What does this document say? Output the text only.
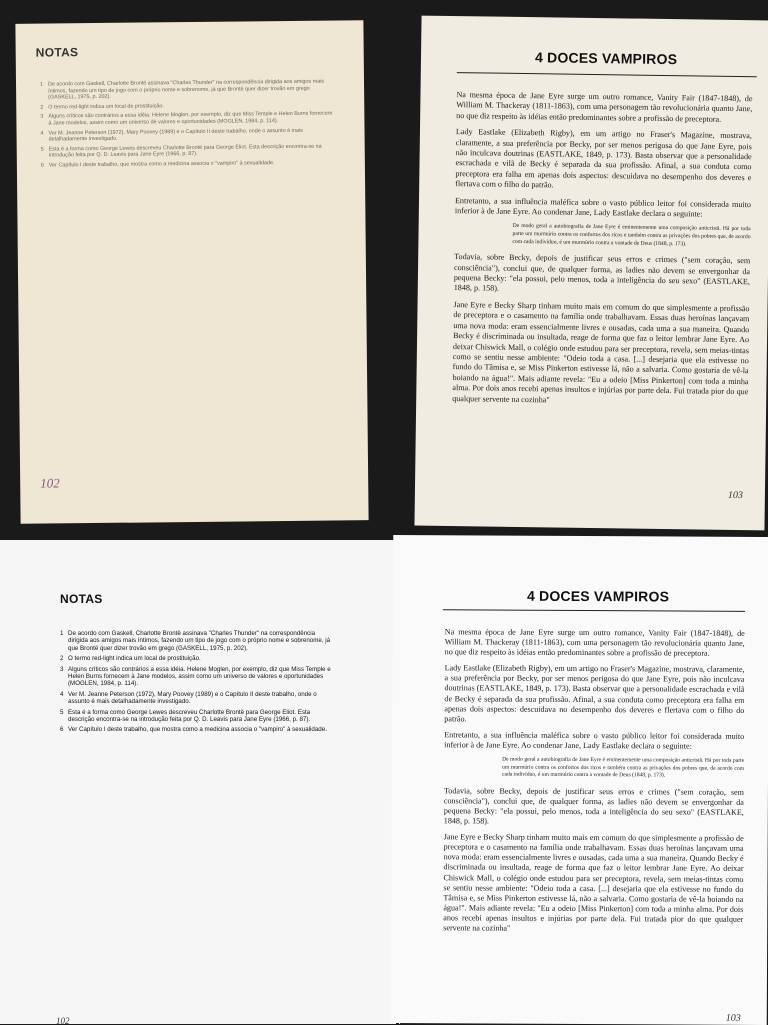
NOTAS
1 De acordo com Gaskell, Charlotte Brontë assinava "Charles Thunder" na correspondência dirigida aos amigos mais íntimos, fazendo um tipo de jogo com o próprio nome e sobrenome, já que Brontë quer dizer trovão em grego (GASKELL, 1975, p. 202).
2 O termo red-light indica um local de prostituição.
3 Alguns críticos são contrários a essa idéia. Helene Moglen, por exemplo, diz que Miss Temple e Helen Burns fornecem à Jane modelos, assim como um universo de valores e oportunidades (MOGLEN, 1984, p. 114).
4 Ver M. Jeanne Peterson (1972), Mary Poovey (1989) e o Capítulo II deste trabalho, onde o assunto é mais detalhadamente investigado.
5 Esta é a forma como George Lewes descreveu Charlotte Brontë para George Eliot. Esta descrição encontra-se na introdução feita por Q. D. Leavis para Jane Eyre (1966, p. 87).
6 Ver Capítulo I deste trabalho, que mostra como a medicina associa o "vampiro" à sexualidade.
102
4 DOCES VAMPIROS

Na mesma época de Jane Eyre surge um outro romance, Vanity Fair (1847-1848), de William M. Thackeray (1811-1863), com uma personagem tão revolucionária quanto Jane, no que diz respeito às idéias então predominantes sobre a profissão de preceptora.

Lady Eastlake (Elizabeth Rigby), em um artigo no Fraser's Magazine, mostrava, claramente, a sua preferência por Becky, por ser menos perigosa do que Jane Eyre, pois não inculcava doutrinas (EASTLAKE, 1849, p. 173). Basta observar que a personalidade escrachada e vilã de Becky é separada da sua profissão. Afinal, a sua conduta como preceptora era falha em apenas dois aspectos: descuidava no desempenho dos deveres e flertava com o filho do patrão.

Entretanto, a sua influência maléfica sobre o vasto público leitor foi considerada muito inferior à de Jane Eyre. Ao condenar Jane, Lady Eastlake declara o seguinte:

De modo geral a autobiografia de Jane Eyre é eminentemente uma composição anticristã. Há por toda parte um murmúrio contra os confortos dos ricos e também contra as privações dos pobres que, de acordo com cada indivíduo, é um murmúrio contra a vontade de Deus (1848, p. 173).

Todavia, sobre Becky, depois de justificar seus erros e crimes ("sem coração, sem consciência"), conclui que, de qualquer forma, as ladies não devem se envergonhar da pequena Becky: "ela possui, pelo menos, toda a inteligência do seu sexo" (EASTLAKE, 1848, p. 158).

Jane Eyre e Becky Sharp tinham muito mais em comum do que simplesmente a profissão de preceptora e o casamento na família onde trabalhavam. Essas duas heroínas lançavam uma nova moda: eram essencialmente livres e ousadas, cada uma a sua maneira. Quando Becky é discriminada ou insultada, reage de forma que faz o leitor lembrar Jane Eyre. Ao deixar Chiswick Mall, o colégio onde estudou para ser preceptora, revela, sem meias-tintas como se sentiu nesse ambiente: "Odeio toda a casa. [...] desejaria que ela estivesse no fundo do Tâmisa e, se Miss Pinkerton estivesse lá, não a salvaria. Como gostaria de vê-la boiando na água!". Mais adiante revela: "Eu a odeio [Miss Pinkerton] com toda a minha alma. Por dois anos recebi apenas insultos e injúrias por parte dela. Fui tratada pior do que qualquer servente na cozinha"

103
NOTAS
1 De acordo com Gaskell, Charlotte Brontë assinava "Charles Thunder" na correspondência dirigida aos amigos mais íntimos, fazendo um tipo de jogo com o próprio nome e sobrenome, já que Brontë quer dizer trovão em grego (GASKELL, 1975, p. 202).
2 O termo red-light indica um local de prostituição.
3 Alguns críticos são contrários a essa idéia. Helene Moglen, por exemplo, diz que Miss Temple e Helen Burns fornecem à Jane modelos, assim como um universo de valores e oportunidades (MOGLEN, 1984, p. 114).
4 Ver M. Jeanne Peterson (1972), Mary Poovey (1989) e o Capítulo II deste trabalho, onde o assunto é mais detalhadamente investigado.
5 Esta é a forma como George Lewes descreveu Charlotte Brontë para George Eliot. Esta descrição encontra-se na introdução feita por Q. D. Leavis para Jane Eyre (1966, p. 87).
6 Ver Capítulo I deste trabalho, que mostra como a medicina associa o "vampiro" à sexualidade.
102
4 DOCES VAMPIROS

Na mesma época de Jane Eyre surge um outro romance, Vanity Fair (1847-1848), de William M. Thackeray (1811-1863), com uma personagem tão revolucionária quanto Jane, no que diz respeito às idéias então predominantes sobre a profissão de preceptora.

Lady Eastlake (Elizabeth Rigby), em um artigo no Fraser's Magazine, mostrava, claramente, a sua preferência por Becky, por ser menos perigosa do que Jane Eyre, pois não inculcava doutrinas (EASTLAKE, 1849, p. 173). Basta observar que a personalidade escrachada e vilã de Becky é separada da sua profissão. Afinal, a sua conduta como preceptora era falha em apenas dois aspectos: descuidava no desempenho dos deveres e flertava com o filho do patrão.

Entretanto, a sua influência maléfica sobre o vasto público leitor foi considerada muito inferior à de Jane Eyre. Ao condenar Jane, Lady Eastlake declara o seguinte:

De modo geral a autobiografia de Jane Eyre é eminentemente uma composição anticristã. Há por toda parte um murmúrio contra os confortos dos ricos e também contra as privações dos pobres que, de acordo com cada indivíduo, é um murmúrio contra a vontade de Deus (1848, p. 173).

Todavia, sobre Becky, depois de justificar seus erros e crimes ("sem coração, sem consciência"), conclui que, de qualquer forma, as ladies não devem se envergonhar da pequena Becky: "ela possui, pelo menos, toda a inteligência do seu sexo" (EASTLAKE, 1848, p. 158).

Jane Eyre e Becky Sharp tinham muito mais em comum do que simplesmente a profissão de preceptora e o casamento na família onde trabalhavam. Essas duas heroínas lançavam uma nova moda: eram essencialmente livres e ousadas, cada uma a sua maneira. Quando Becky é discriminada ou insultada, reage de forma que faz o leitor lembrar Jane Eyre. Ao deixar Chiswick Mall, o colégio onde estudou para ser preceptora, revela, sem meias-tintas como se sentiu nesse ambiente: "Odeio toda a casa. [...] desejaria que ela estivesse no fundo do Tâmisa e, se Miss Pinkerton estivesse lá, não a salvaria. Como gostaria de vê-la boiando na água!". Mais adiante revela: "Eu a odeio [Miss Pinkerton] com toda a minha alma. Por dois anos recebi apenas insultos e injúrias por parte dela. Fui tratada pior do que qualquer servente na cozinha"

103
